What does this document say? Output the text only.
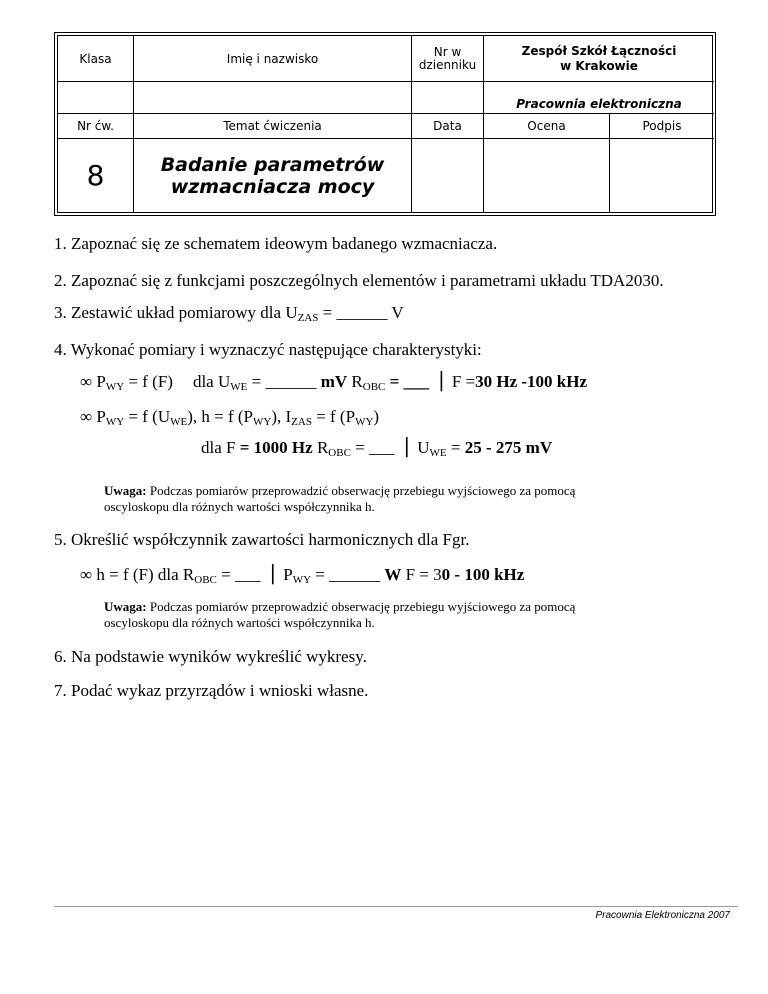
Klasa	Imię i nazwisko	Nr w
dzienniku
Zespół Szkół Łączności
w Krakowie
Pracownia elektroniczna
Nr ćw.	Temat ćwiczenia	Data	Ocena	Podpis
8	Badanie parametrów
wzmacniacza mocy
1. Zapoznać się ze schematem ideowym badanego wzmacniacza.
2. Zapoznać się z funkcjami poszczególnych elementów i parametrami układu TDA2030.
3. Zestawić układ pomiarowy dla $U_{ZAS}$ = ______ V
4. Wykonać pomiary i wyznaczyć następujące charakterystyki:
∞ $P_{WY} = f$ (F) dla $U_{WE}$ = ______ mV $R_{OBC}$ = ___ ⎜ F =30 Hz -100 kHz
∞ $P_{WY} = f$ $(U_{WE})$, h = f $(P_{WY})$, $I_{ZAS} = f$ $(P_{WY})$
dla F = 1000 Hz $R_{OBC}$ = ___ ⎜ $U_{WE} = 25 - 275$ mV
Uwaga: Podczas pomiarów przeprowadzić obserwację przebiegu wyjściowego za pomocą
oscyloskopu dla różnych wartości współczynnika h.
5. Określić współczynnik zawartości harmonicznych dla Fgr.
∞ h = f (F) dla $R_{OBC}$ = ___ ⎜ $P_{WY}$ = ______ W F = 30 - 100 kHz
Uwaga: Podczas pomiarów przeprowadzić obserwację przebiegu wyjściowego za pomocą
oscyloskopu dla różnych wartości współczynnika h.
6. Na podstawie wyników wykreślić wykresy.
7. Podać wykaz przyrządów i wnioski własne.
Pracownia Elektroniczna 2007
